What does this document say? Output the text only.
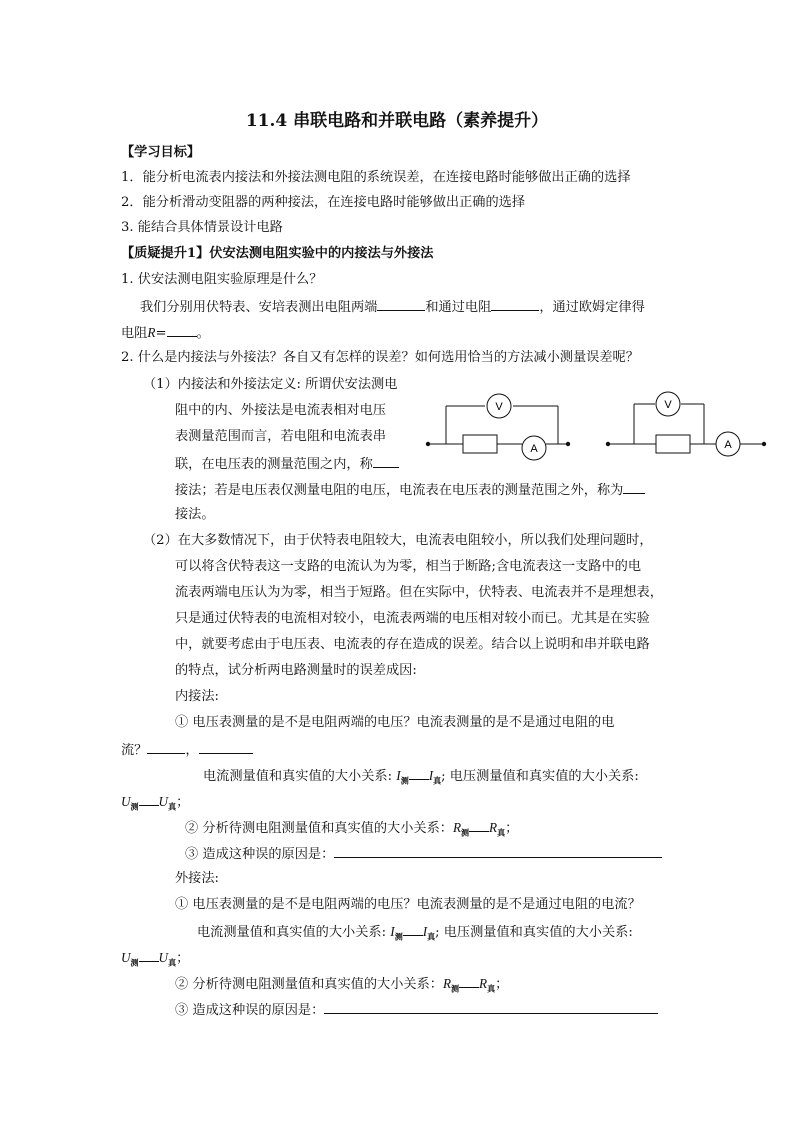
11.4 串联电路和并联电路（素养提升）
【学习目标】
1．能分析电流表内接法和外接法测电阻的系统误差，在连接电路时能够做出正确的选择
2．能分析滑动变阻器的两种接法，在连接电路时能够做出正确的选择
3. 能结合具体情景设计电路
【质疑提升1】伏安法测电阻实验中的内接法与外接法
1. 伏安法测电阻实验原理是什么？
我们分别用伏特表、安培表测出电阻两端	和通过电阻	，通过欧姆定律得
电阻R= 。
2. 什么是内接法与外接法？各自又有怎样的误差？如何选用恰当的方法减小测量误差呢？
（1）内接法和外接法定义: 所谓伏安法测电
阻中的内、外接法是电流表相对电压
表测量范围而言，若电阻和电流表串
联，在电压表的测量范围之内，称
接法；若是电压表仅测量电阻的电压，电流表在电压表的测量范围之外，称为
接法。
V
A
V
A
（2）在大多数情况下，由于伏特表电阻较大，电流表电阻较小，所以我们处理问题时，
可以将含伏特表这一支路的电流认为为零，相当于断路;含电流表这一支路中的电
流表两端电压认为为零，相当于短路。但在实际中，伏特表、电流表并不是理想表，
只是通过伏特表的电流相对较小，电流表两端的电压相对较小而已。尤其是在实验
中，就要考虑由于电压表、电流表的存在造成的误差。结合以上说明和串并联电路
的特点，试分析两电路测量时的误差成因:
内接法:
① 电压表测量的是不是电阻两端的电压？电流表测量的是不是通过电阻的电
流？	，
电流测量值和真实值的大小关系: $I_测$ $I_真$; 电压测量值和真实值的大小关系:
$U_测$ $U_真$；
② 分析待测电阻测量值和真实值的大小关系：$R_测$ $R_真$；
③ 造成这种误的原因是：
外接法:
① 电压表测量的是不是电阻两端的电压？电流表测量的是不是通过电阻的电流？
电流测量值和真实值的大小关系: $I_测$ $I_真$; 电压测量值和真实值的大小关系:
$U_测$ $U_真$；
② 分析待测电阻测量值和真实值的大小关系：$R_测$ $R_真$；
③ 造成这种误的原因是：
